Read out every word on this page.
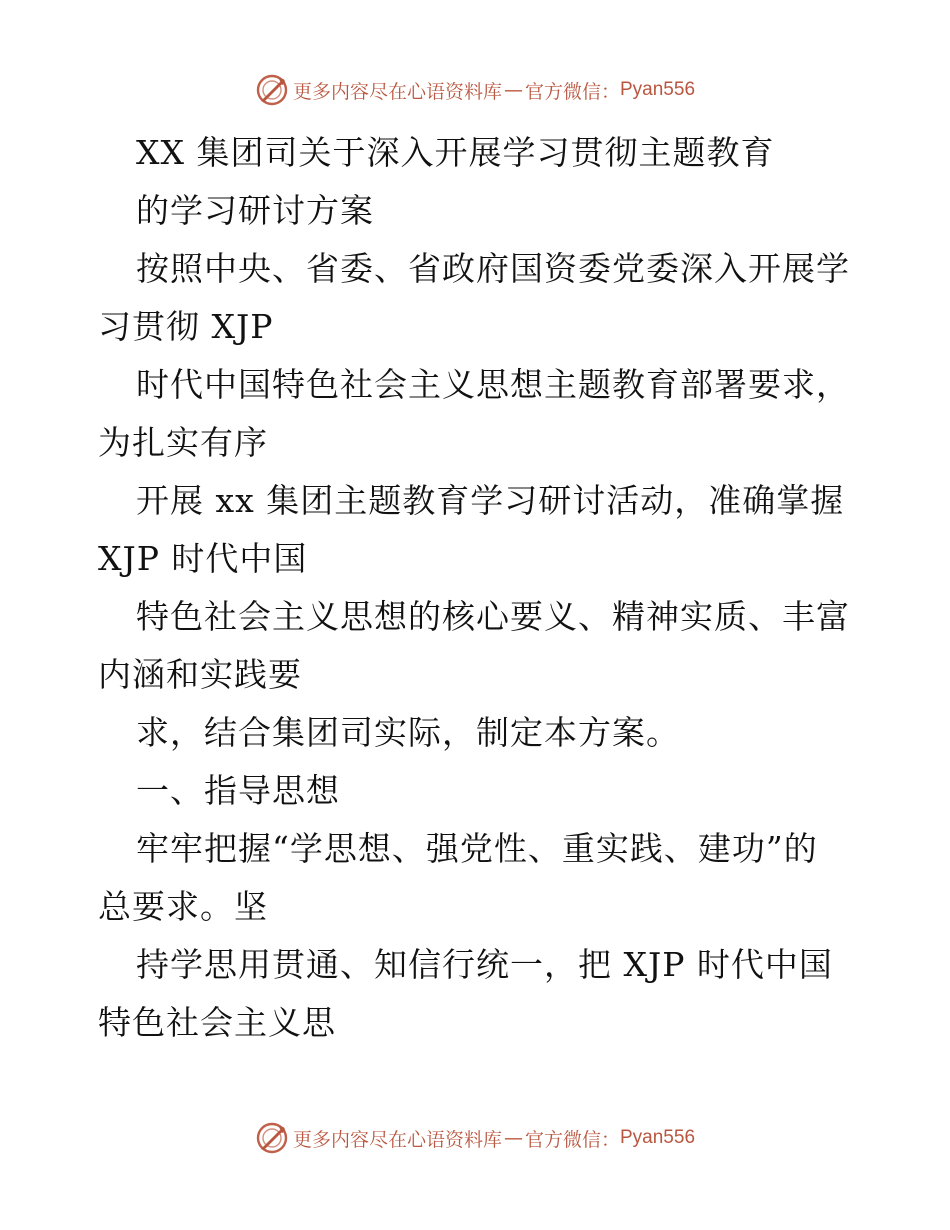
更多内容尽在心语资料库 — 官方微信： Pyan556
XX 集团司关于深入开展学习贯彻主题教育
的学习研讨方案
按照中央、省委、省政府国资委党委深入开展学
习贯彻 XJP
时代中国特色社会主义思想主题教育部署要求，
为扎实有序
开展 xx 集团主题教育学习研讨活动，准确掌握
XJP 时代中国
特色社会主义思想的核心要义、精神实质、丰富
内涵和实践要
求，结合集团司实际，制定本方案。
一、指导思想
牢牢把握“学思想、强党性、重实践、建功”的
总要求。坚
持学思用贯通、知信行统一，把 XJP 时代中国
特色社会主义思
更多内容尽在心语资料库 — 官方微信： Pyan556
